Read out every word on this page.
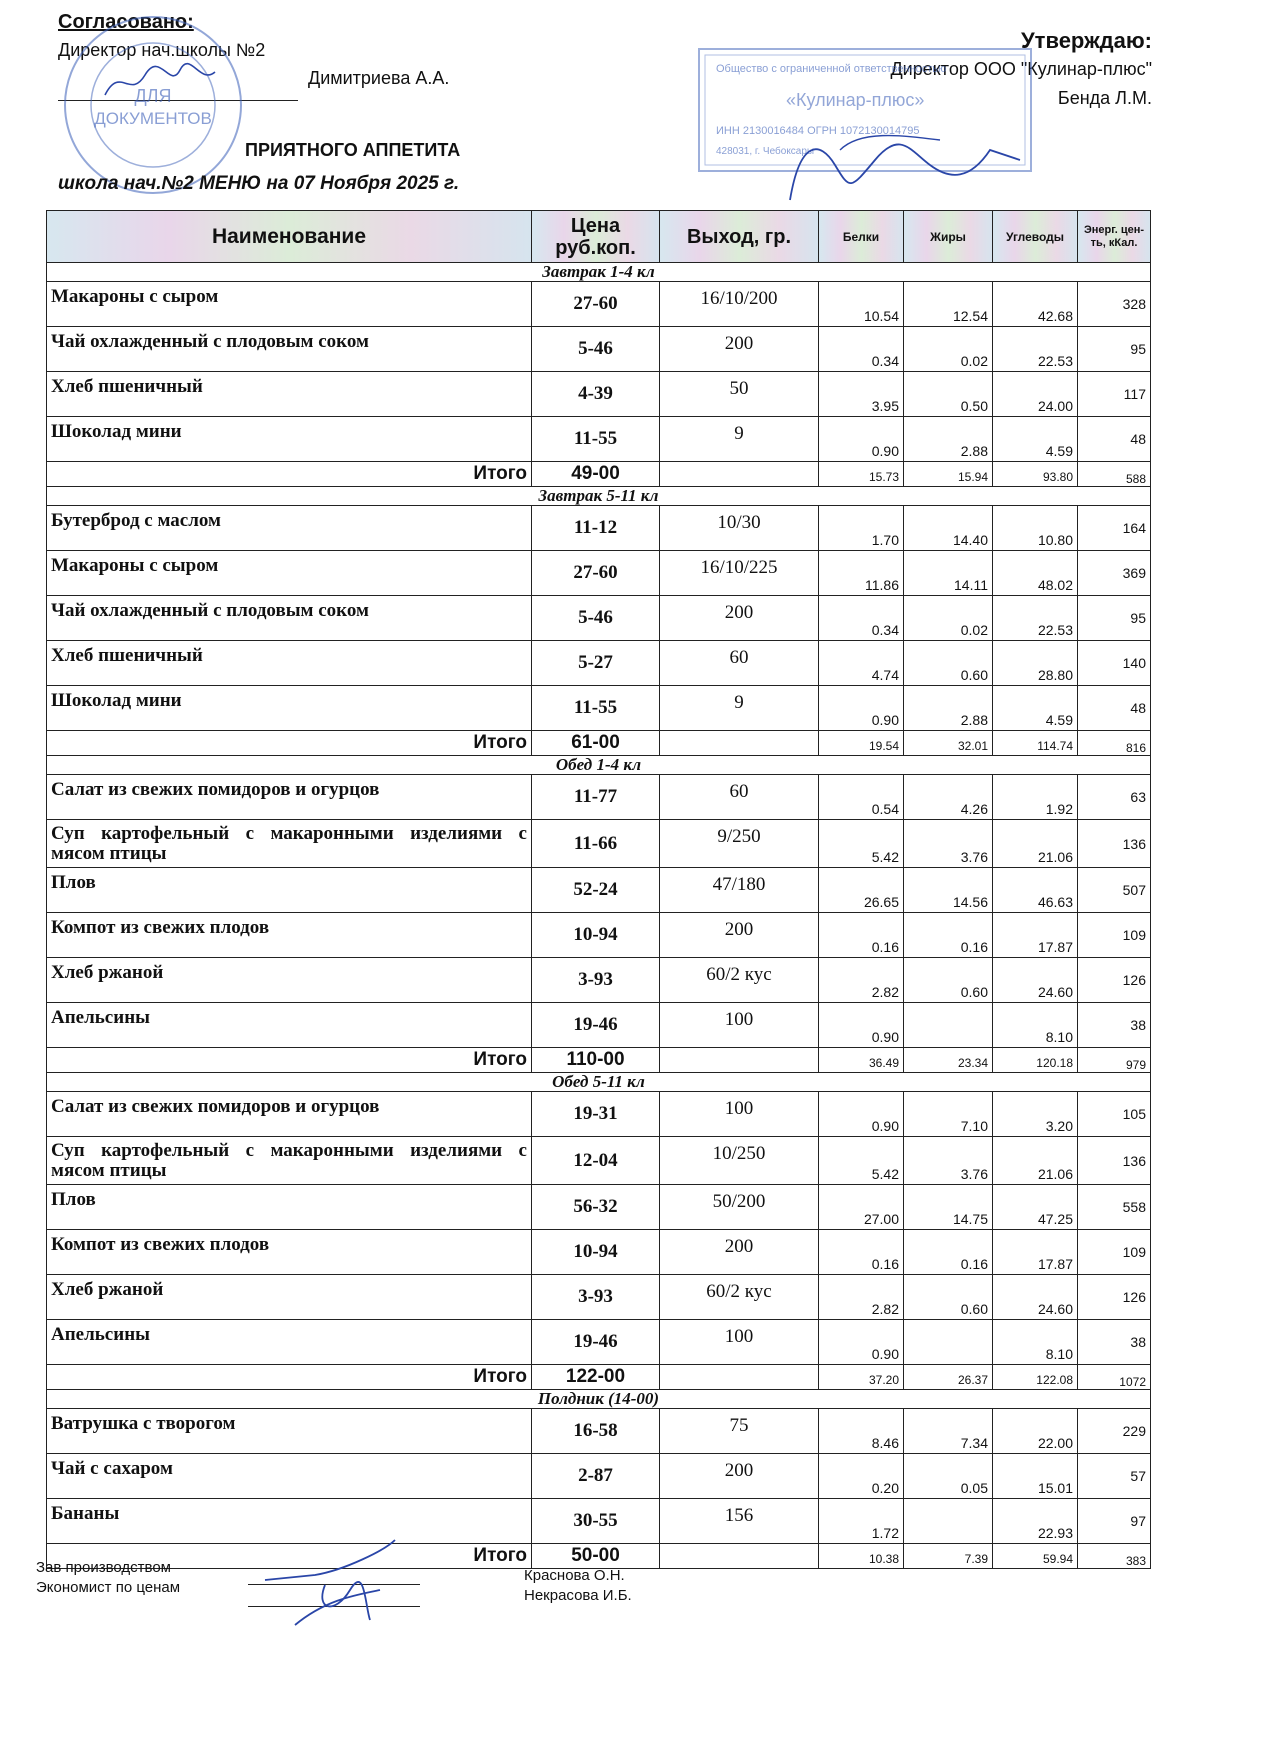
Согласовано:
Директор нач.школы №2
Димитриева А.А.
ДЛЯ
ДОКУМЕНТОВ
Утверждаю:
Директор ООО "Кулинар-плюс"
Бенда Л.М.
Общество с ограниченной ответственностью
«Кулинар-плюс»
ИНН 2130016484 ОГРН 1072130014795
428031, г. Чебоксары
ПРИЯТНОГО АППЕТИТА
школа нач.№2 МЕНЮ на 07 Ноября 2025 г.
Наименование	Цена руб.коп.	Выход, гр.	Белки	Жиры	Углеводы	Энерг. цен-ть, кКал.
Завтрак 1-4 кл						
Макароны с сыром	27-60	16/10/200	10.54	12.54	42.68	328
Чай охлажденный с плодовым соком	5-46	200	0.34	0.02	22.53	95
Хлеб пшеничный	4-39	50	3.95	0.50	24.00	117
Шоколад мини	11-55	9	0.90	2.88	4.59	48
Итого	49-00		15.73	15.94	93.80	588
Завтрак 5-11 кл						
Бутерброд с маслом	11-12	10/30	1.70	14.40	10.80	164
Макароны с сыром	27-60	16/10/225	11.86	14.11	48.02	369
Чай охлажденный с плодовым соком	5-46	200	0.34	0.02	22.53	95
Хлеб пшеничный	5-27	60	4.74	0.60	28.80	140
Шоколад мини	11-55	9	0.90	2.88	4.59	48
Итого	61-00		19.54	32.01	114.74	816
Обед 1-4 кл						
Салат из свежих помидоров и огурцов	11-77	60	0.54	4.26	1.92	63
Суп картофельный с макаронными изделиями с мясом птицы	11-66	9/250	5.42	3.76	21.06	136
Плов	52-24	47/180	26.65	14.56	46.63	507
Компот из свежих плодов	10-94	200	0.16	0.16	17.87	109
Хлеб ржаной	3-93	60/2 кус	2.82	0.60	24.60	126
Апельсины	19-46	100	0.90		8.10	38
Итого	110-00		36.49	23.34	120.18	979
Обед 5-11 кл						
Салат из свежих помидоров и огурцов	19-31	100	0.90	7.10	3.20	105
Суп картофельный с макаронными изделиями с мясом птицы	12-04	10/250	5.42	3.76	21.06	136
Плов	56-32	50/200	27.00	14.75	47.25	558
Компот из свежих плодов	10-94	200	0.16	0.16	17.87	109
Хлеб ржаной	3-93	60/2 кус	2.82	0.60	24.60	126
Апельсины	19-46	100	0.90		8.10	38
Итого	122-00		37.20	26.37	122.08	1072
Полдник (14-00)						
Ватрушка с творогом	16-58	75	8.46	7.34	22.00	229
Чай с сахаром	2-87	200	0.20	0.05	15.01	57
Бананы	30-55	156	1.72		22.93	97
Итого	50-00		10.38	7.39	59.94	383
Зав производством
Экономист по ценам
Краснова О.Н.
Некрасова И.Б.
